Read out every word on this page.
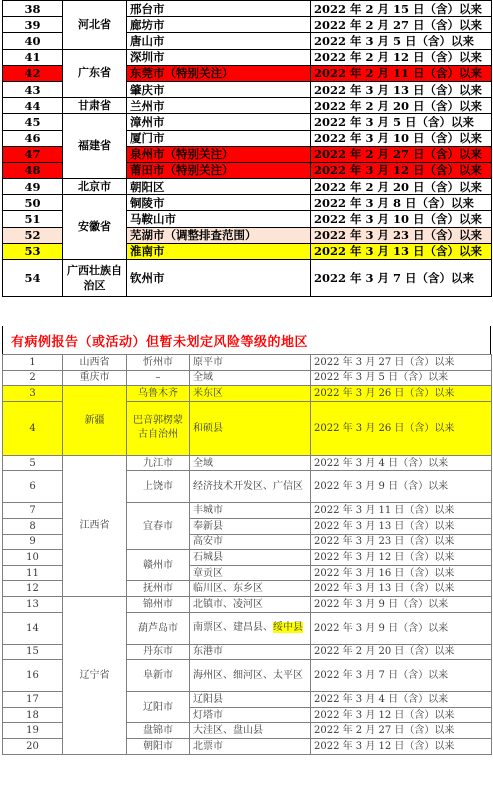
38	河北省	邢台市	2022 年 2 月 15 日（含）以来
39		廊坊市	2022 年 2 月 27 日（含）以来
40		唐山市	2022 年 3 月 5 日（含）以来
41	广东省	深圳市	2022 年 2 月 12 日（含）以来
42		东莞市（特别关注）	2022 年 2 月 11 日（含）以来
43		肇庆市	2022 年 3 月 13 日（含）以来
44	甘肃省	兰州市	2022 年 2 月 20 日（含）以来
45	福建省	漳州市	2022 年 3 月 5 日（含）以来
46		厦门市	2022 年 3 月 10 日（含）以来
47		泉州市（特别关注）	2022 年 2 月 27 日（含）以来
48		莆田市（特别关注）	2022 年 3 月 12 日（含）以来
49	北京市	朝阳区	2022 年 2 月 20 日（含）以来
50	安徽省	铜陵市	2022 年 3 月 8 日（含）以来
51		马鞍山市	2022 年 3 月 10 日（含）以来
52		芜湖市（调整排查范围）	2022 年 3 月 23 日（含）以来
53		淮南市	2022 年 3 月 13 日（含）以来
54	广西壮族自治区	钦州市	2022 年 3 月 7 日（含）以来
有病例报告（或活动）但暂未划定风险等级的地区
1	山西省	忻州市	原平市	2022 年 3 月 27 日（含）以来
2	重庆市	–	全域	2022 年 3 月 5 日（含）以来
3	新疆	乌鲁木齐	米东区	2022 年 3 月 26 日（含）以来
4		巴音郭楞蒙古自治州	和硕县	2022 年 3 月 26 日（含）以来
5	江西省	九江市	全域	2022 年 3 月 4 日（含）以来
6		上饶市	经济技术开发区、广信区	2022 年 3 月 9 日（含）以来
7		宜春市	丰城市	2022 年 3 月 11 日（含）以来
8			奉新县	2022 年 3 月 13 日（含）以来
9			高安市	2022 年 3 月 23 日（含）以来
10		赣州市	石城县	2022 年 3 月 12 日（含）以来
11			章贡区	2022 年 3 月 16 日（含）以来
12		抚州市	临川区、东乡区	2022 年 3 月 13 日（含）以来
13	辽宁省	锦州市	北镇市、凌河区	2022 年 3 月 9 日（含）以来
14		葫芦岛市	南票区、建昌县、绥中县	2022 年 3 月 9 日（含）以来
15		丹东市	东港市	2022 年 2 月 20 日（含）以来
16		阜新市	海州区、细河区、太平区	2022 年 3 月 7 日（含）以来
17		辽阳市	辽阳县	2022 年 3 月 4 日（含）以来
18			灯塔市	2022 年 3 月 12 日（含）以来
19		盘锦市	大洼区、盘山县	2022 年 2 月 27 日（含）以来
20		朝阳市	北票市	2022 年 3 月 12 日（含）以来
